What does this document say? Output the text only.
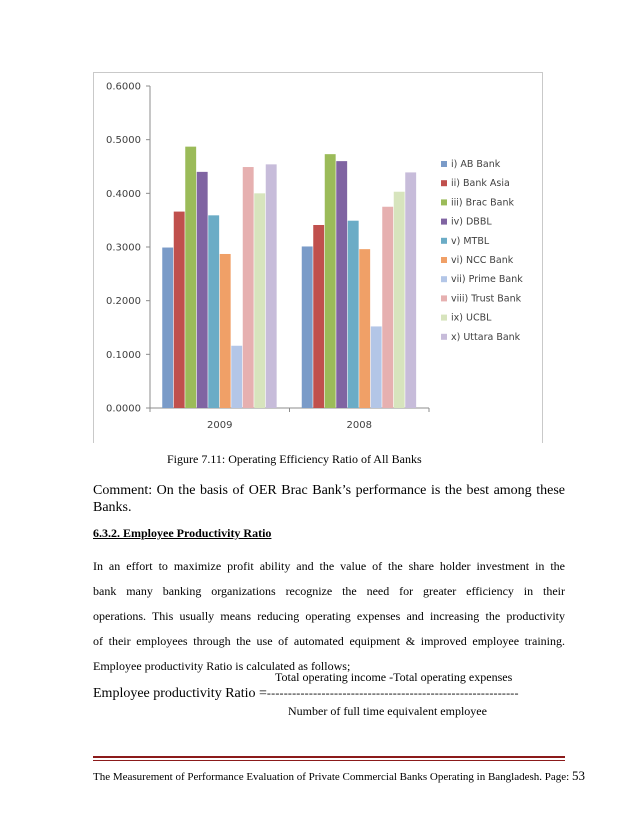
0.0000
0.1000
0.2000
0.3000
0.4000
0.5000
0.6000
2009	2008
i) AB Bank
ii) Bank Asia
iii) Brac Bank
iv) DBBL
v) MTBL
vi) NCC Bank
vii) Prime Bank
viii) Trust Bank
ix) UCBL
x) Uttara Bank
Figure 7.11: Operating Efficiency Ratio of All Banks
Comment: On the basis of OER Brac Bank’s performance is the best among these Banks.
6.3.2. Employee Productivity Ratio
In an effort to maximize profit ability and the value of the share holder investment in the
bank many banking organizations recognize the need for greater efficiency in their
operations. This usually means reducing operating expenses and increasing the productivity
of their employees through the use of automated equipment & improved employee training.
Employee productivity Ratio is calculated as follows;
Total operating income -Total operating expenses
Employee productivity Ratio =------------------------------------------------------------
Number of full time equivalent employee
The Measurement of Performance Evaluation of Private Commercial Banks Operating in Bangladesh. Page: 53
